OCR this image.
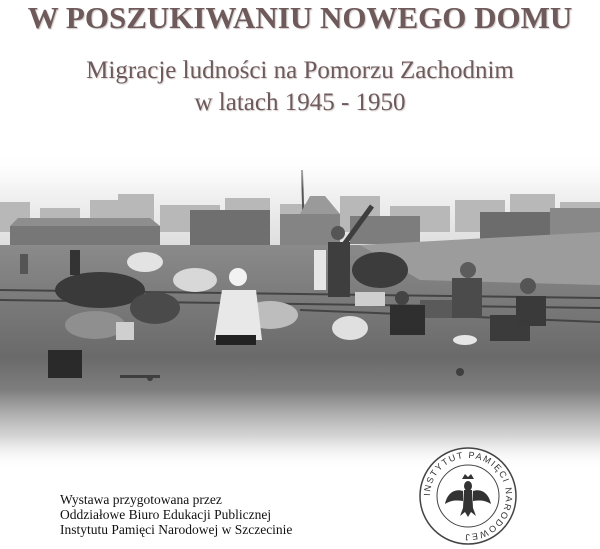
W POSZUKIWANIU NOWEGO DOMU
Migracje ludności na Pomorzu Zachodnim
w latach 1945 - 1950
Wystawa przygotowana przez
Oddziałowe Biuro Edukacji Publicznej
Instytutu Pamięci Narodowej w Szczecinie
INSTYTUT PAMIĘCI NARODOWEJ
